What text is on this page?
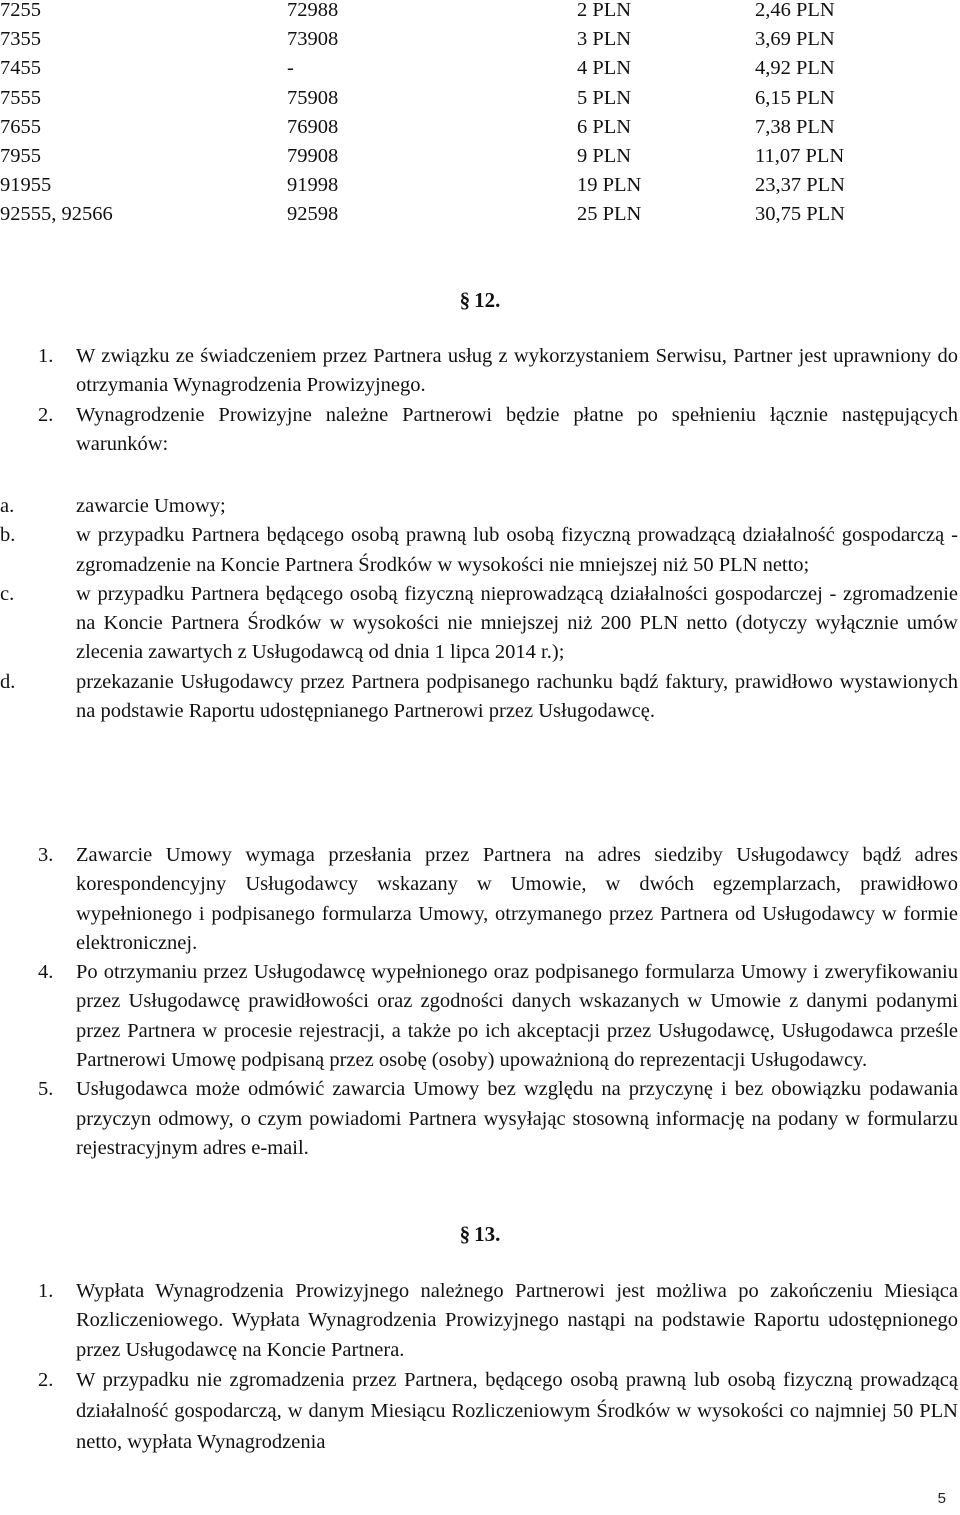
7255	72988	2 PLN	2,46 PLN
7355	73908	3 PLN	3,69 PLN
7455	-	4 PLN	4,92 PLN
7555	75908	5 PLN	6,15 PLN
7655	76908	6 PLN	7,38 PLN
7955	79908	9 PLN	11,07 PLN
91955	91998	19 PLN	23,37 PLN
92555, 92566	92598	25 PLN	30,75 PLN
§ 12.
1. W związku ze świadczeniem przez Partnera usług z wykorzystaniem Serwisu, Partner jest uprawniony do otrzymania Wynagrodzenia Prowizyjnego.
2. Wynagrodzenie Prowizyjne należne Partnerowi będzie płatne po spełnieniu łącznie następujących warunków:
a.	zawarcie Umowy;
b.	w przypadku Partnera będącego osobą prawną lub osobą fizyczną prowadzącą działalność gospodarczą - zgromadzenie na Koncie Partnera Środków w wysokości nie mniejszej niż 50 PLN netto;
c.	w przypadku Partnera będącego osobą fizyczną nieprowadzącą działalności gospodarczej - zgromadzenie na Koncie Partnera Środków w wysokości nie mniejszej niż 200 PLN netto (dotyczy wyłącznie umów zlecenia zawartych z Usługodawcą od dnia 1 lipca 2014 r.);
d.	przekazanie Usługodawcy przez Partnera podpisanego rachunku bądź faktury, prawidłowo wystawionych na podstawie Raportu udostępnianego Partnerowi przez Usługodawcę.
3. Zawarcie Umowy wymaga przesłania przez Partnera na adres siedziby Usługodawcy bądź adres korespondencyjny Usługodawcy wskazany w Umowie, w dwóch egzemplarzach, prawidłowo wypełnionego i podpisanego formularza Umowy, otrzymanego przez Partnera od Usługodawcy w formie elektronicznej.
4. Po otrzymaniu przez Usługodawcę wypełnionego oraz podpisanego formularza Umowy i zweryfikowaniu przez Usługodawcę prawidłowości oraz zgodności danych wskazanych w Umowie z danymi podanymi przez Partnera w procesie rejestracji, a także po ich akceptacji przez Usługodawcę, Usługodawca prześle Partnerowi Umowę podpisaną przez osobę (osoby) upoważnioną do reprezentacji Usługodawcy.
5. Usługodawca może odmówić zawarcia Umowy bez względu na przyczynę i bez obowiązku podawania przyczyn odmowy, o czym powiadomi Partnera wysyłając stosowną informację na podany w formularzu rejestracyjnym adres e-mail.
§ 13.
1. Wypłata Wynagrodzenia Prowizyjnego należnego Partnerowi jest możliwa po zakończeniu Miesiąca Rozliczeniowego. Wypłata Wynagrodzenia Prowizyjnego nastąpi na podstawie Raportu udostępnionego przez Usługodawcę na Koncie Partnera.
2. W przypadku nie zgromadzenia przez Partnera, będącego osobą prawną lub osobą fizyczną prowadzącą działalność gospodarczą, w danym Miesiącu Rozliczeniowym Środków w wysokości co najmniej 50 PLN netto, wypłata Wynagrodzenia
5
